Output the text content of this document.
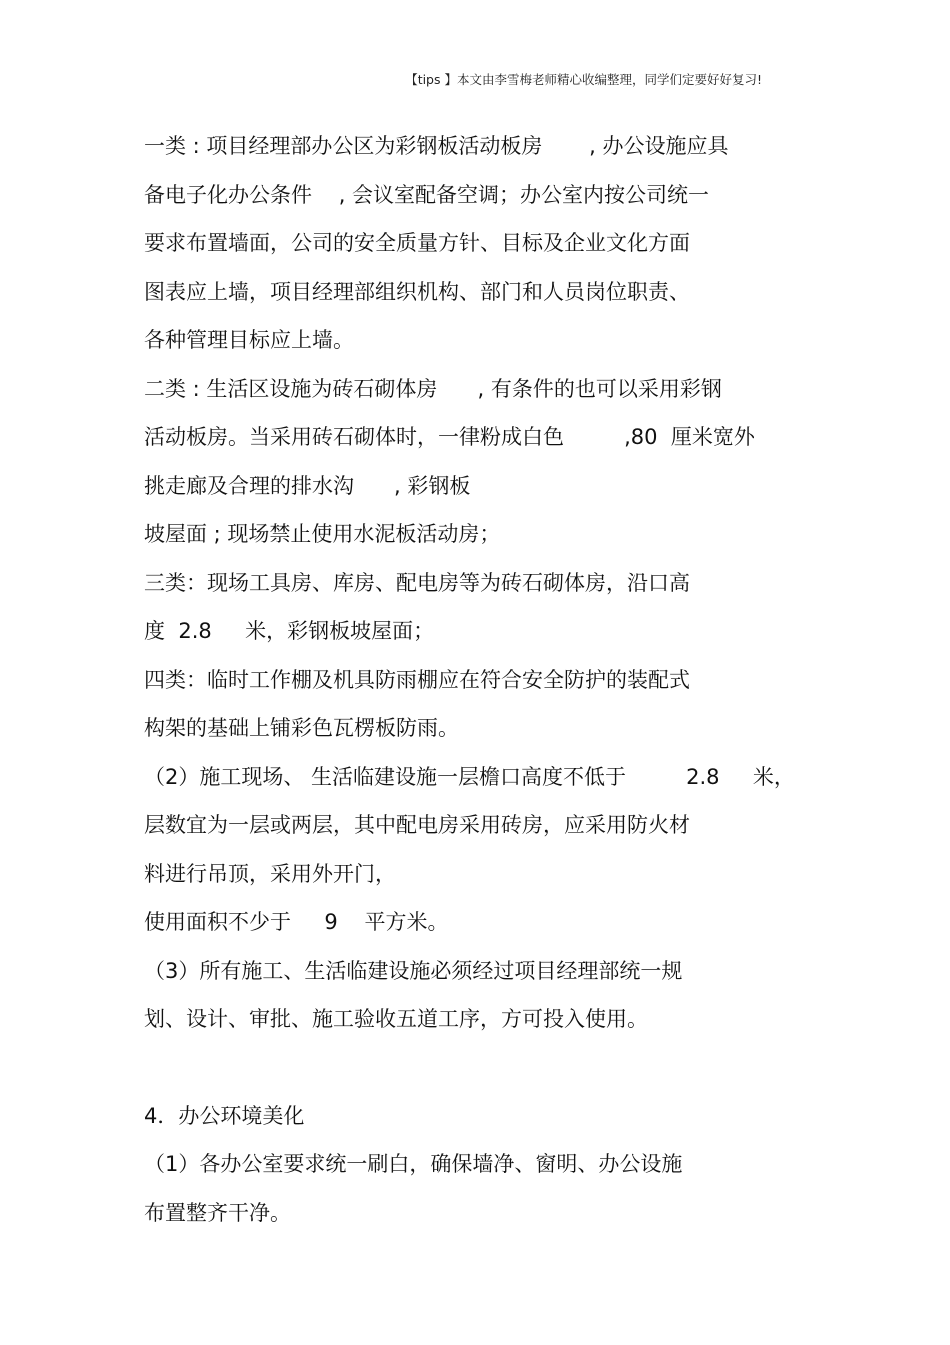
【tips 】本文由李雪梅老师精心收编整理，同学们定要好好复习!
一类 : 项目经理部办公区为彩钢板活动板房       , 办公设施应具
备电子化办公条件    , 会议室配备空调；办公室内按公司统一
要求布置墙面，公司的安全质量方针、目标及企业文化方面
图表应上墙，项目经理部组织机构、部门和人员岗位职责、
各种管理目标应上墙。
二类 : 生活区设施为砖石砌体房      , 有条件的也可以采用彩钢
活动板房。当采用砖石砌体时，一律粉成白色         ,80  厘米宽外
挑走廊及合理的排水沟      , 彩钢板
坡屋面 ; 现场禁止使用水泥板活动房；
三类：现场工具房、库房、配电房等为砖石砌体房，沿口高
度  2.8     米，彩钢板坡屋面；
四类：临时工作棚及机具防雨棚应在符合安全防护的装配式
构架的基础上铺彩色瓦楞板防雨。
（2）施工现场、 生活临建设施一层檐口高度不低于         2.8     米，
层数宜为一层或两层，其中配电房采用砖房，应采用防火材
料进行吊顶，采用外开门，
使用面积不少于     9    平方米。
（3）所有施工、生活临建设施必须经过项目经理部统一规
划、设计、审批、施工验收五道工序，方可投入使用。
4．办公环境美化
（1）各办公室要求统一刷白，确保墙净、窗明、办公设施
布置整齐干净。
